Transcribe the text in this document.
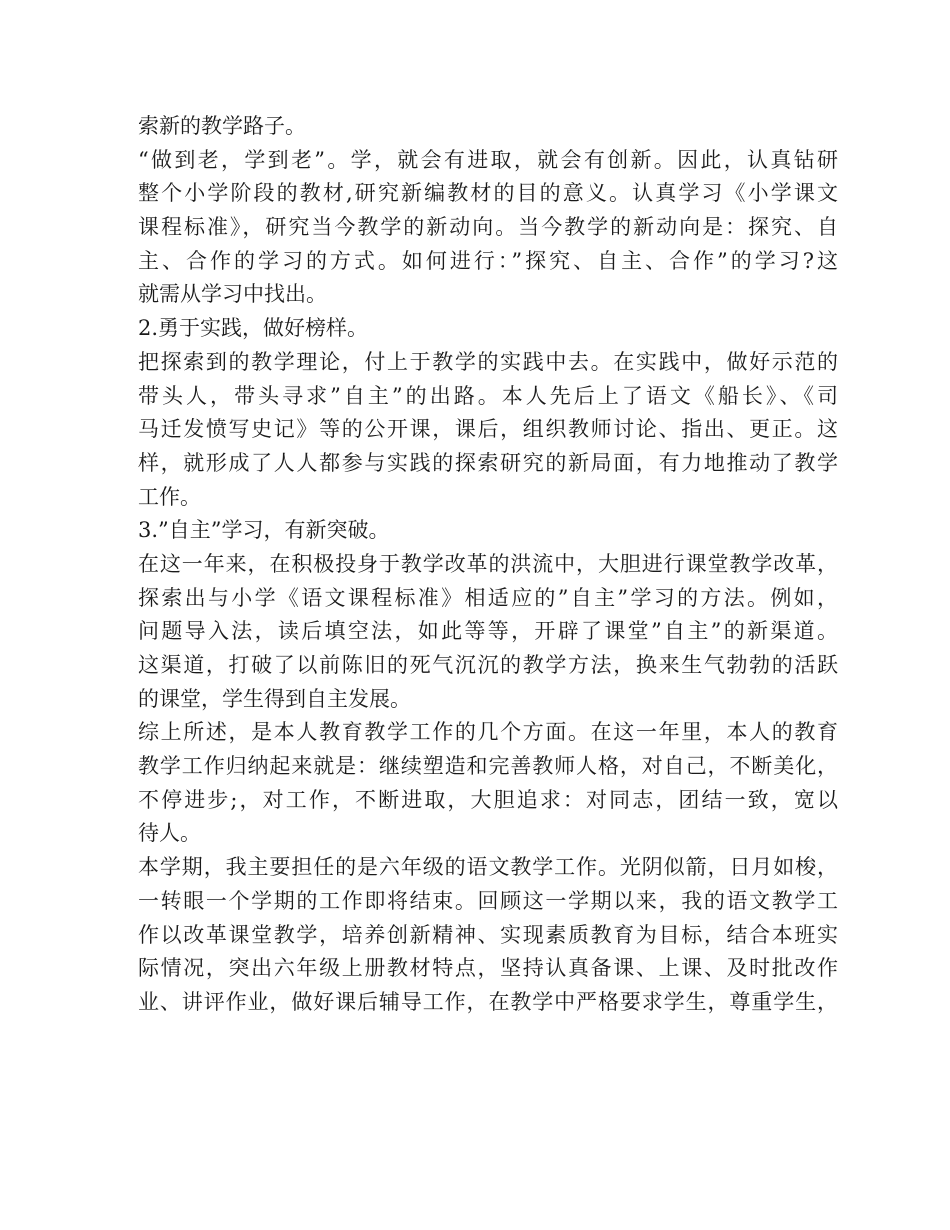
索新的教学路子。
“做到老，学到老”。学，就会有进取，就会有创新。因此，认真钻研
整个小学阶段的教材,研究新编教材的目的意义。认真学习《小学课文
课程标准》，研究当今教学的新动向。当今教学的新动向是：探究、自
主、合作的学习的方式。如何进行：”探究、自主、合作”的学习?这
就需从学习中找出。
2.勇于实践，做好榜样。
把探索到的教学理论，付上于教学的实践中去。在实践中，做好示范的
带头人，带头寻求”自主”的出路。本人先后上了语文《船长》、《司
马迁发愤写史记》等的公开课，课后，组织教师讨论、指出、更正。这
样，就形成了人人都参与实践的探索研究的新局面，有力地推动了教学
工作。
3.”自主”学习，有新突破。
在这一年来，在积极投身于教学改革的洪流中，大胆进行课堂教学改革，
探索出与小学《语文课程标准》相适应的”自主”学习的方法。例如，
问题导入法，读后填空法，如此等等，开辟了课堂”自主”的新渠道。
这渠道，打破了以前陈旧的死气沉沉的教学方法，换来生气勃勃的活跃
的课堂，学生得到自主发展。
综上所述，是本人教育教学工作的几个方面。在这一年里，本人的教育
教学工作归纳起来就是：继续塑造和完善教师人格，对自己，不断美化，
不停进步;，对工作，不断进取，大胆追求：对同志，团结一致，宽以
待人。
本学期，我主要担任的是六年级的语文教学工作。光阴似箭，日月如梭，
一转眼一个学期的工作即将结束。回顾这一学期以来，我的语文教学工
作以改革课堂教学，培养创新精神、实现素质教育为目标，结合本班实
际情况，突出六年级上册教材特点，坚持认真备课、上课、及时批改作
业、讲评作业，做好课后辅导工作，在教学中严格要求学生，尊重学生，
